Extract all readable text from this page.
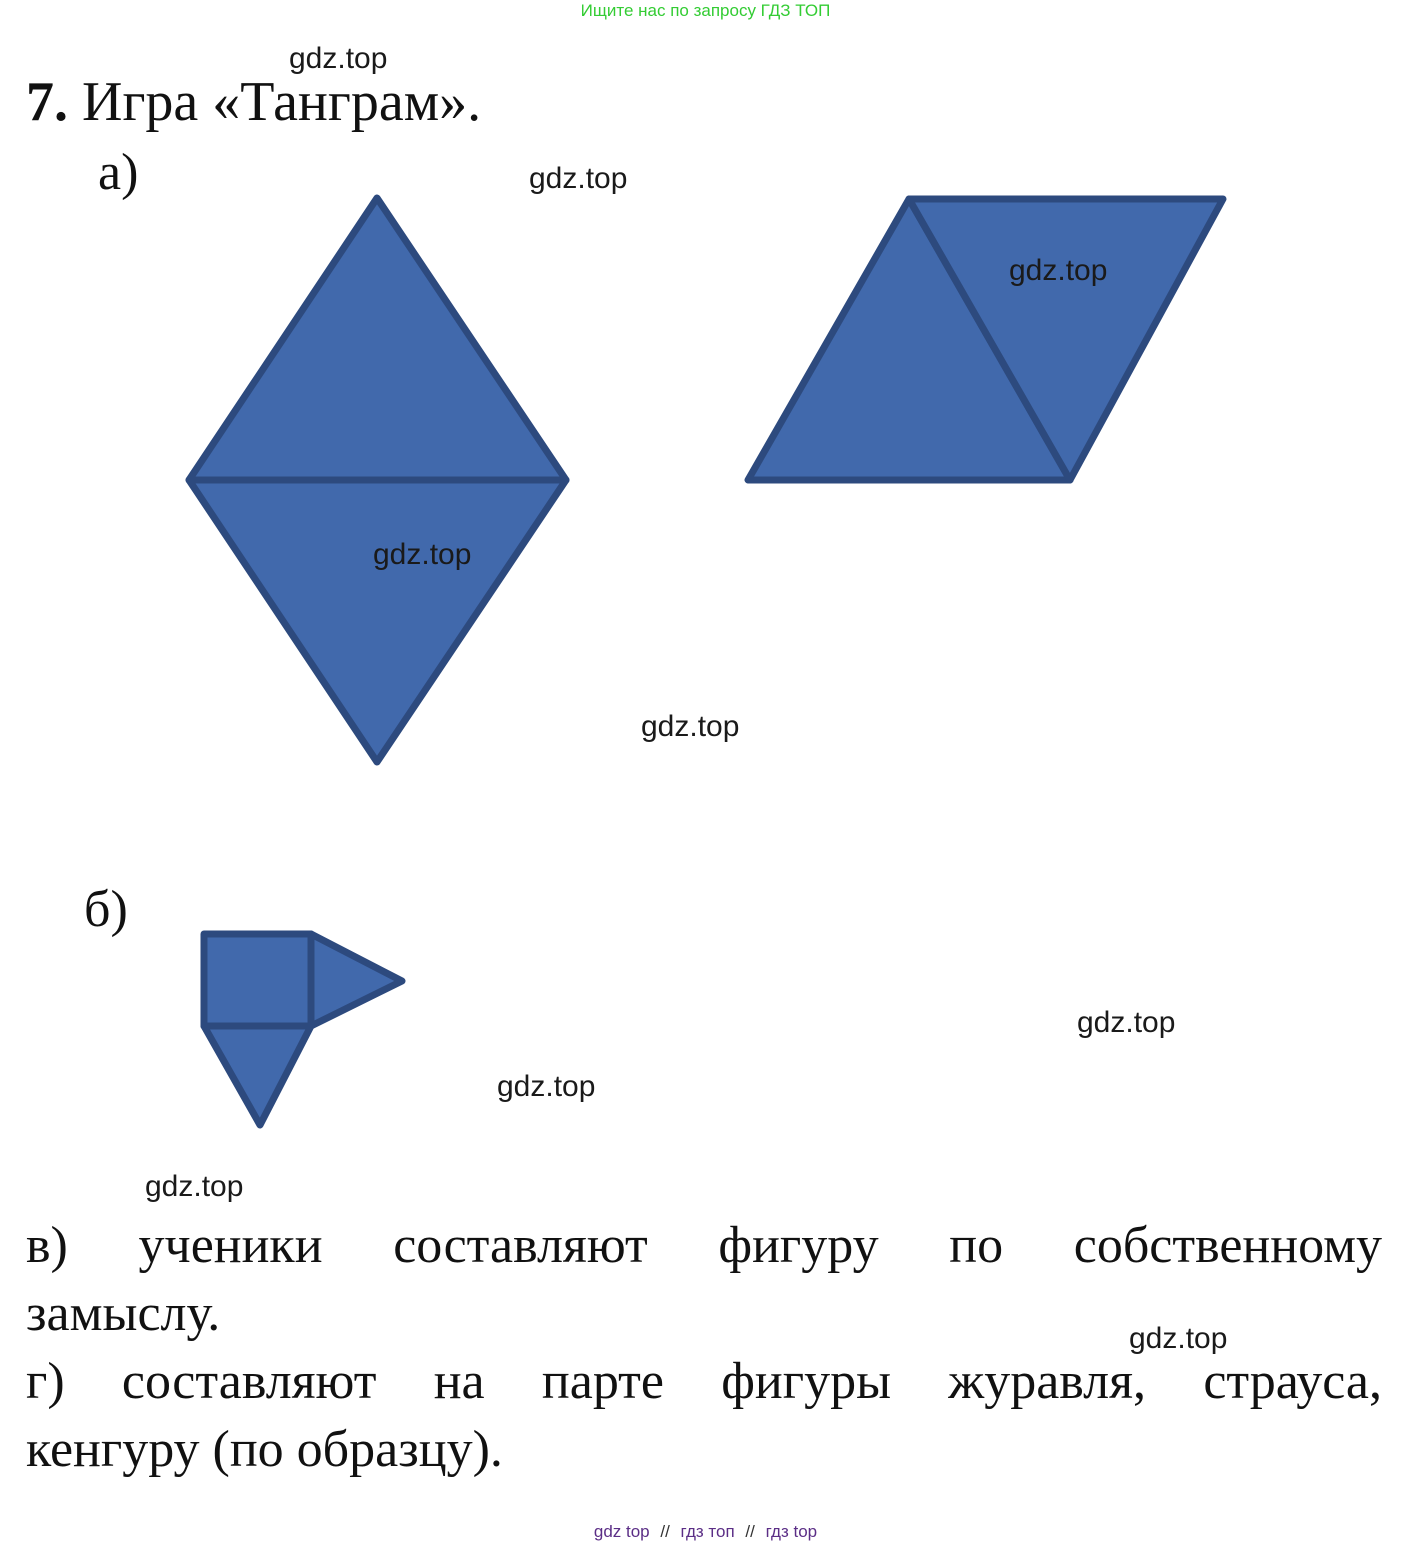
Ищите нас по запросу ГДЗ ТОП
7. Игра «Танграм».
а)
б)
gdz.top
gdz.top
gdz.top
gdz.top
gdz.top
gdz.top
gdz.top
gdz.top
gdz.top
в) ученики составляют фигуру по собственному
замыслу.
г) составляют на парте фигуры журавля, страуса,
кенгуру (по образцу).
gdz top // гдз топ // гдз top
